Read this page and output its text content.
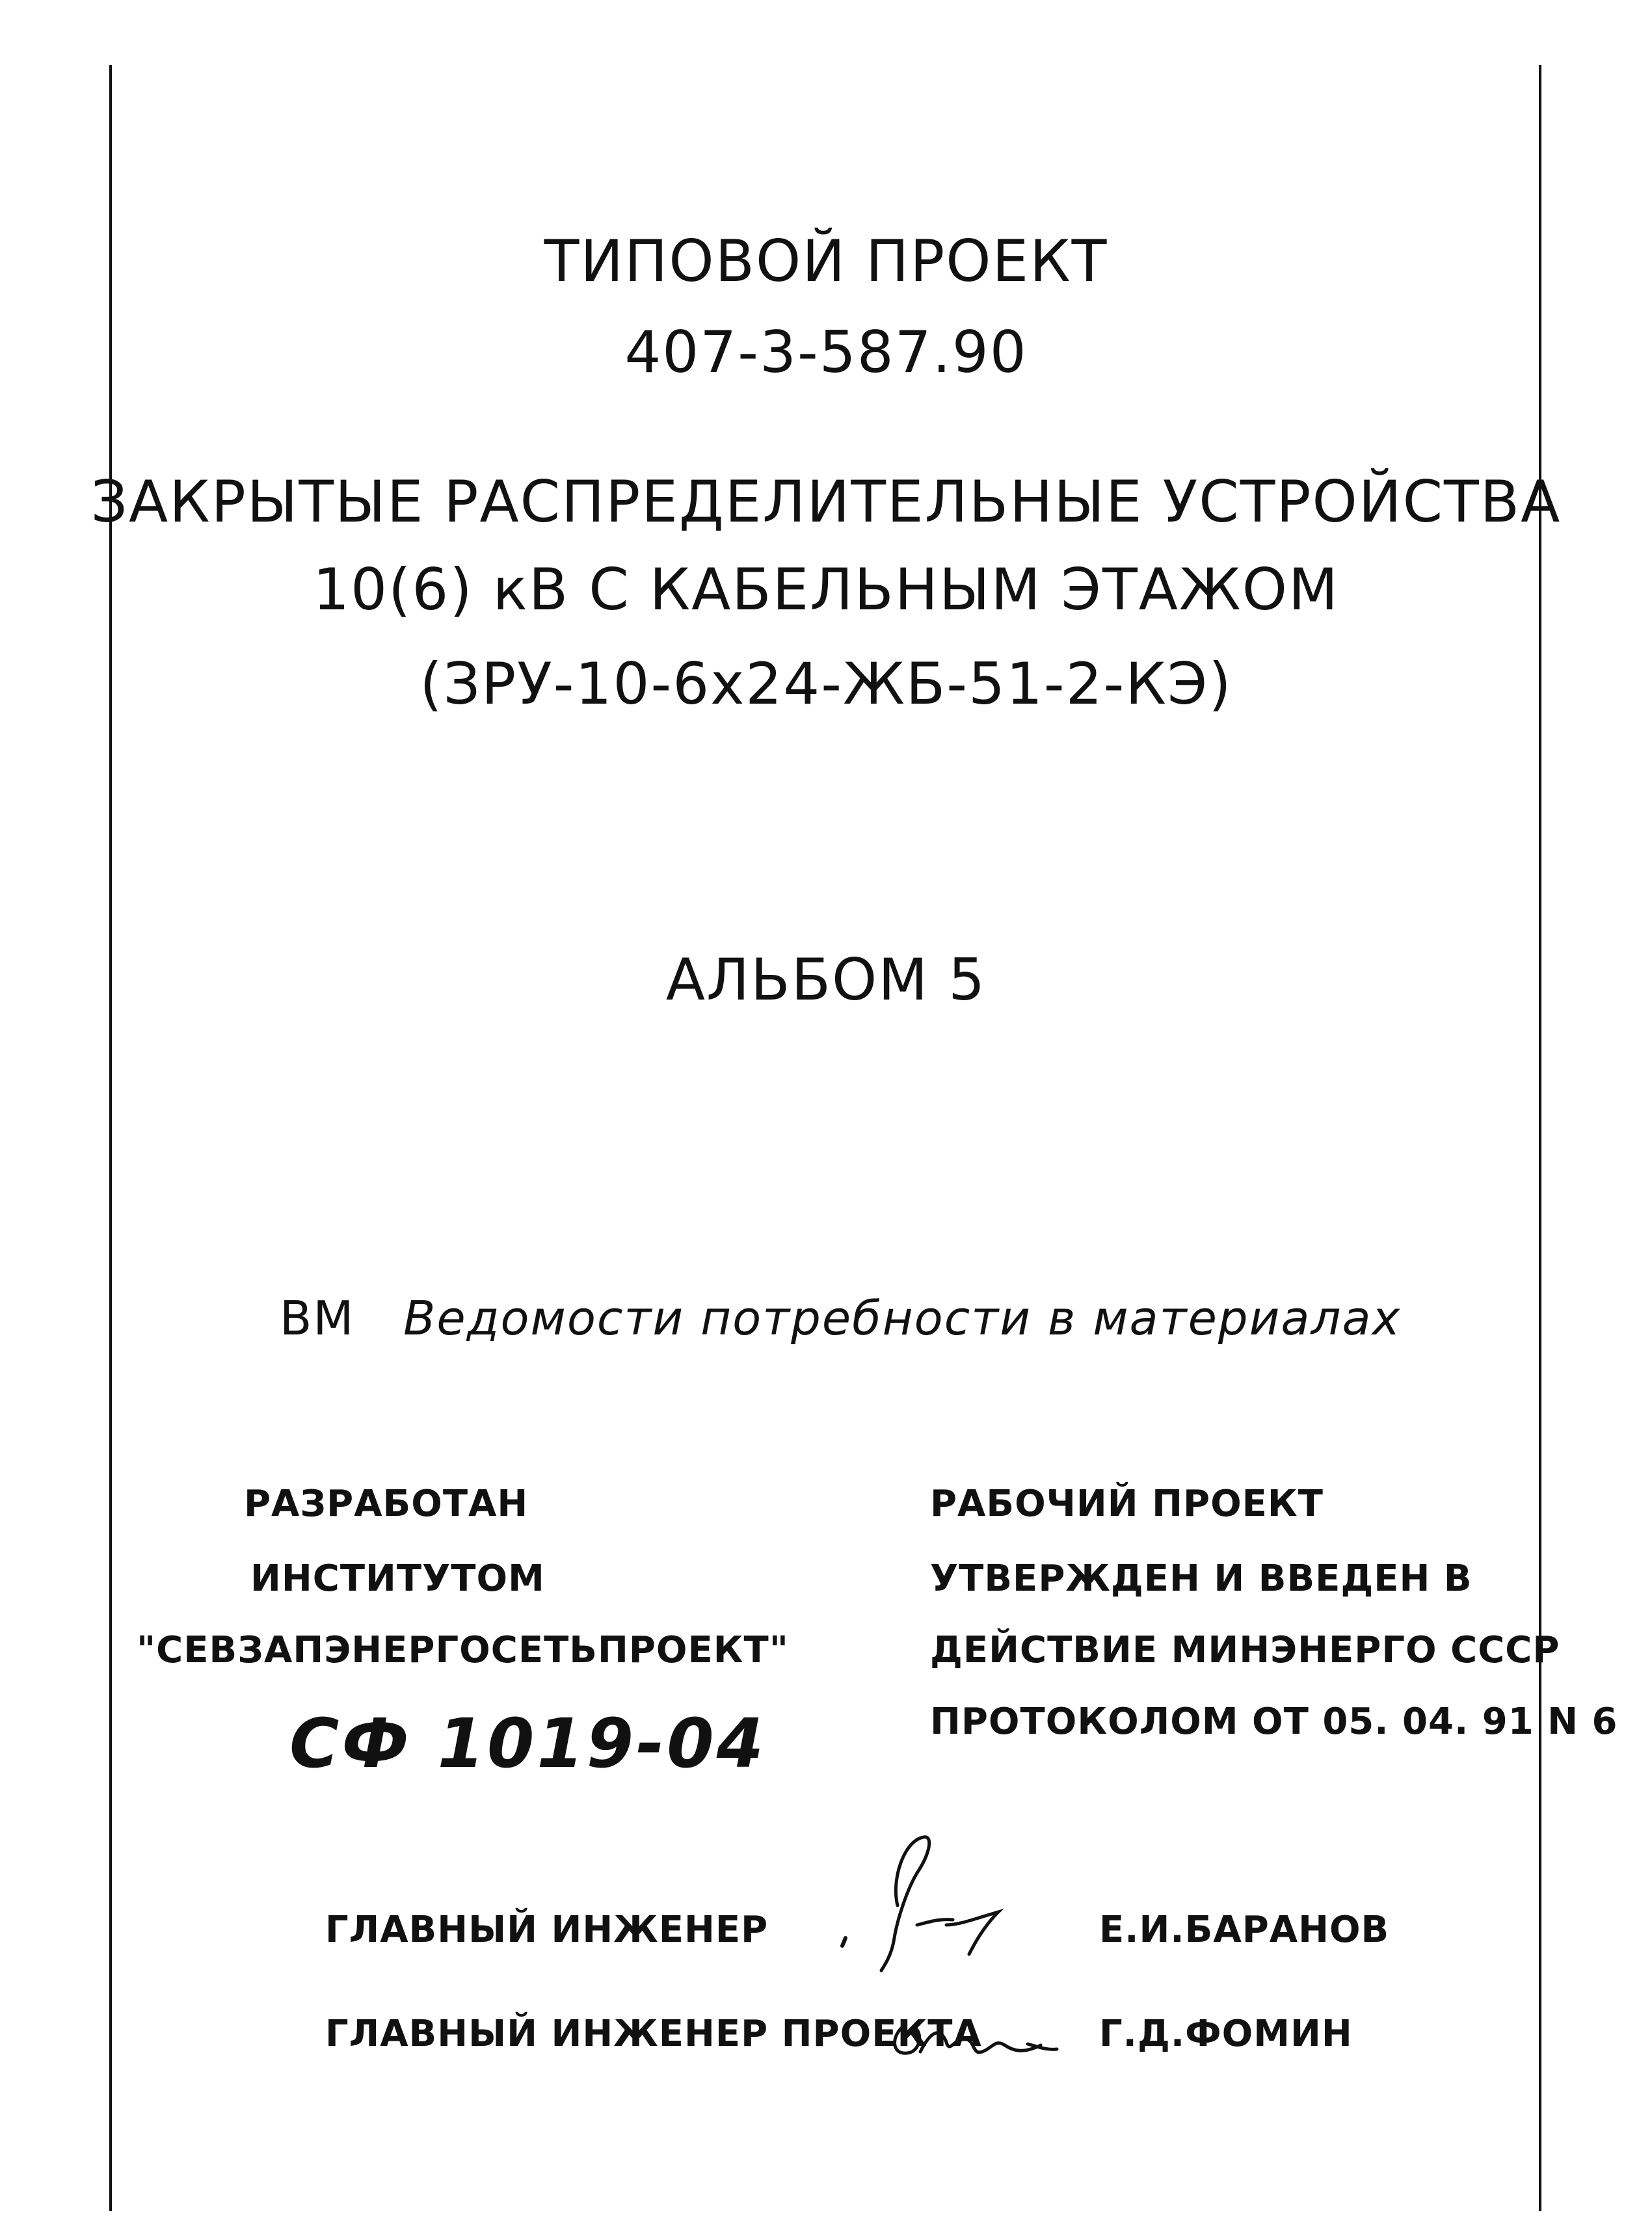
ТИПОВОЙ ПРОЕКТ
407-3-587.90
ЗАКРЫТЫЕ РАСПРЕДЕЛИТЕЛЬНЫЕ УСТРОЙСТВА
10(6) кВ С КАБЕЛЬНЫМ ЭТАЖОМ
(ЗРУ-10-6х24-ЖБ-51-2-КЭ)
АЛЬБОМ 5
ВМ Ведомости потребности в материалах
РАЗРАБОТАН
ИНСТИТУТОМ
"СЕВЗАПЭНЕРГОСЕТЬПРОЕКТ"
РАБОЧИЙ ПРОЕКТ
УТВЕРЖДЕН И ВВЕДЕН В
ДЕЙСТВИЕ МИНЭНЕРГО СССР
ПРОТОКОЛОМ ОТ 05. 04. 91 N 6
СФ 1019-04
ГЛАВНЫЙ ИНЖЕНЕР	Е.И.БАРАНОВ
ГЛАВНЫЙ ИНЖЕНЕР ПРОЕКТА	Г.Д.ФОМИН
